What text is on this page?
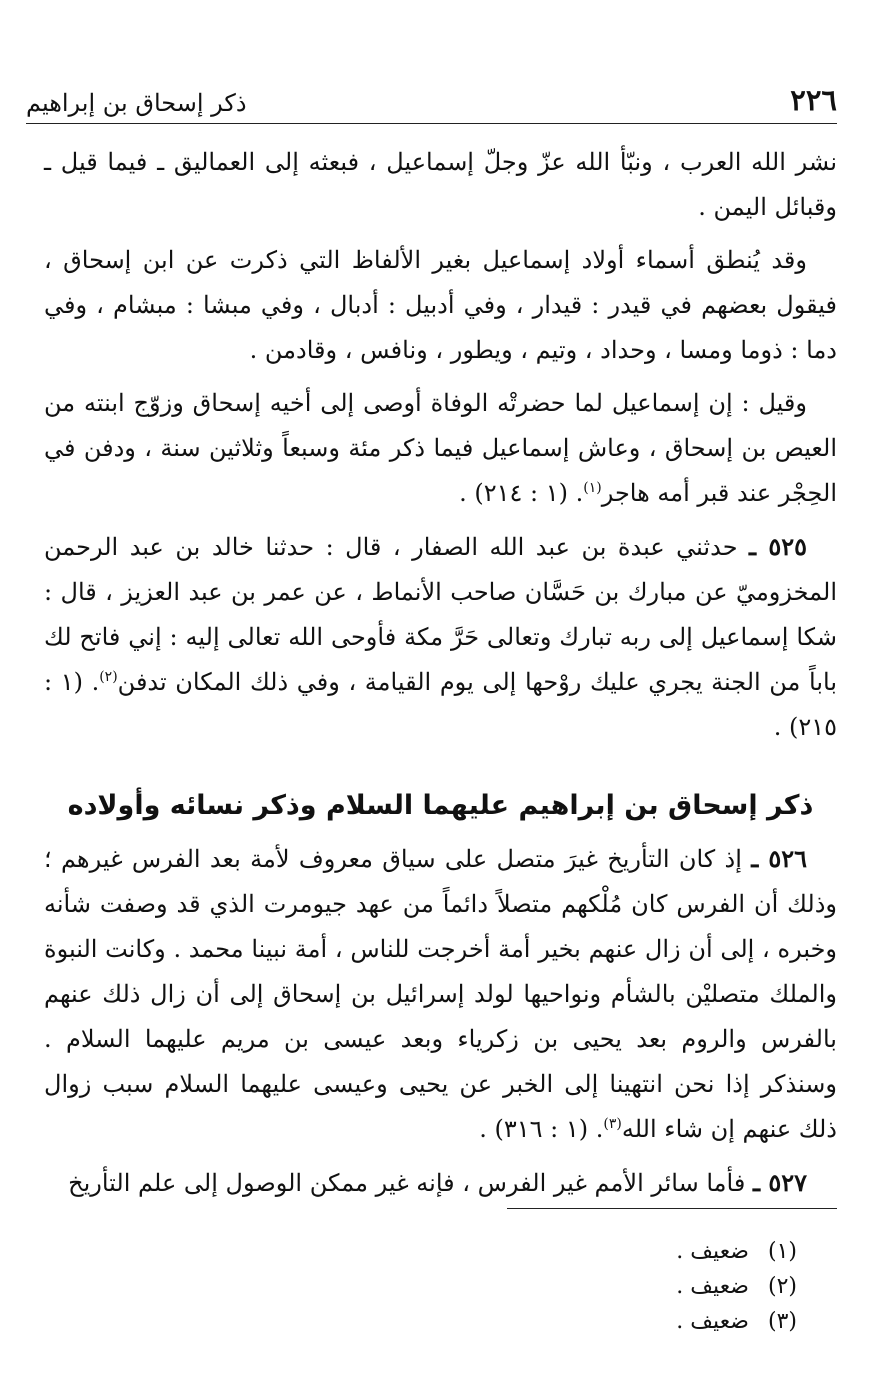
٢٢٦
ذكر إسحاق بن إبراهيم

نشر الله العرب ، ونبّأ الله عزّ وجلّ إسماعيل ، فبعثه إلى العماليق ـ فيما قيل ـ وقبائل اليمن .

وقد يُنطق أسماء أولاد إسماعيل بغير الألفاظ التي ذكرت عن ابن إسحاق ، فيقول بعضهم في قيدر : قيدار ، وفي أدبيل : أدبال ، وفي مبشا : مبشام ، وفي دما : ذوما ومسا ، وحداد ، وتيم ، ويطور ، ونافس ، وقادمن .

وقيل : إن إسماعيل لما حضرتْه الوفاة أوصى إلى أخيه إسحاق وزوّج ابنته من العيص بن إسحاق ، وعاش إسماعيل فيما ذكر مئة وسبعاً وثلاثين سنة ، ودفن في الحِجْر عند قبر أمه هاجر$^{(١)}$. (١ : ٢١٤) .

٥٢٥ ـ حدثني عبدة بن عبد الله الصفار ، قال : حدثنا خالد بن عبد الرحمن المخزوميّ عن مبارك بن حَسَّان صاحب الأنماط ، عن عمر بن عبد العزيز ، قال : شكا إسماعيل إلى ربه تبارك وتعالى حَرَّ مكة فأوحى الله تعالى إليه : إني فاتح لك باباً من الجنة يجري عليك روْحها إلى يوم القيامة ، وفي ذلك المكان تدفن$^{(٢)}$. (١ : ٢١٥) .

ذكر إسحاق بن إبراهيم عليهما السلام وذكر نسائه وأولاده

٥٢٦ ـ إذ كان التأريخ غيرَ متصل على سياق معروف لأمة بعد الفرس غيرهم ؛ وذلك أن الفرس كان مُلْكهم متصلاً دائماً من عهد جيومرت الذي قد وصفت شأنه وخبره ، إلى أن زال عنهم بخير أمة أخرجت للناس ، أمة نبينا محمد . وكانت النبوة والملك متصليْن بالشأم ونواحيها لولد إسرائيل بن إسحاق إلى أن زال ذلك عنهم بالفرس والروم بعد يحيى بن زكرياء وبعد عيسى بن مريم عليهما السلام . وسنذكر إذا نحن انتهينا إلى الخبر عن يحيى وعيسى عليهما السلام سبب زوال ذلك عنهم إن شاء الله$^{(٣)}$. (١ : ٣١٦) .

٥٢٧ ـ فأما سائر الأمم غير الفرس ، فإنه غير ممكن الوصول إلى علم التأريخ

(١)
ضعيف .
(٢)
ضعيف .
(٣)
ضعيف .
